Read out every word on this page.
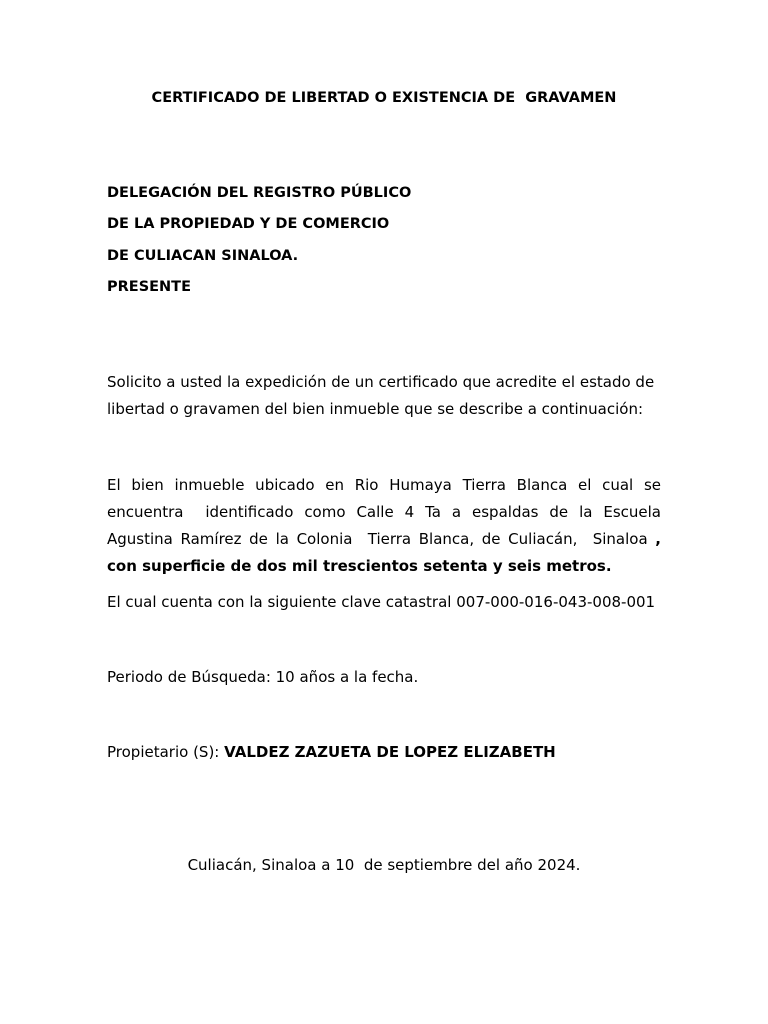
CERTIFICADO DE LIBERTAD O EXISTENCIA DE  GRAVAMEN
DELEGACIÓN DEL REGISTRO PÚBLICO
DE LA PROPIEDAD Y DE COMERCIO
DE CULIACAN SINALOA.
PRESENTE
Solicito a usted la expedición de un certificado que acredite el estado de libertad o gravamen del bien inmueble que se describe a continuación:
El bien inmueble ubicado en Rio Humaya Tierra Blanca el cual se encuentra  identificado como Calle 4 Ta a espaldas de la Escuela Agustina Ramírez de la Colonia  Tierra Blanca, de Culiacán,  Sinaloa , con superficie de dos mil trescientos setenta y seis metros.
El cual cuenta con la siguiente clave catastral 007-000-016-043-008-001
Periodo de Búsqueda: 10 años a la fecha.
Propietario (S): VALDEZ ZAZUETA DE LOPEZ ELIZABETH
Culiacán, Sinaloa a 10  de septiembre del año 2024.
